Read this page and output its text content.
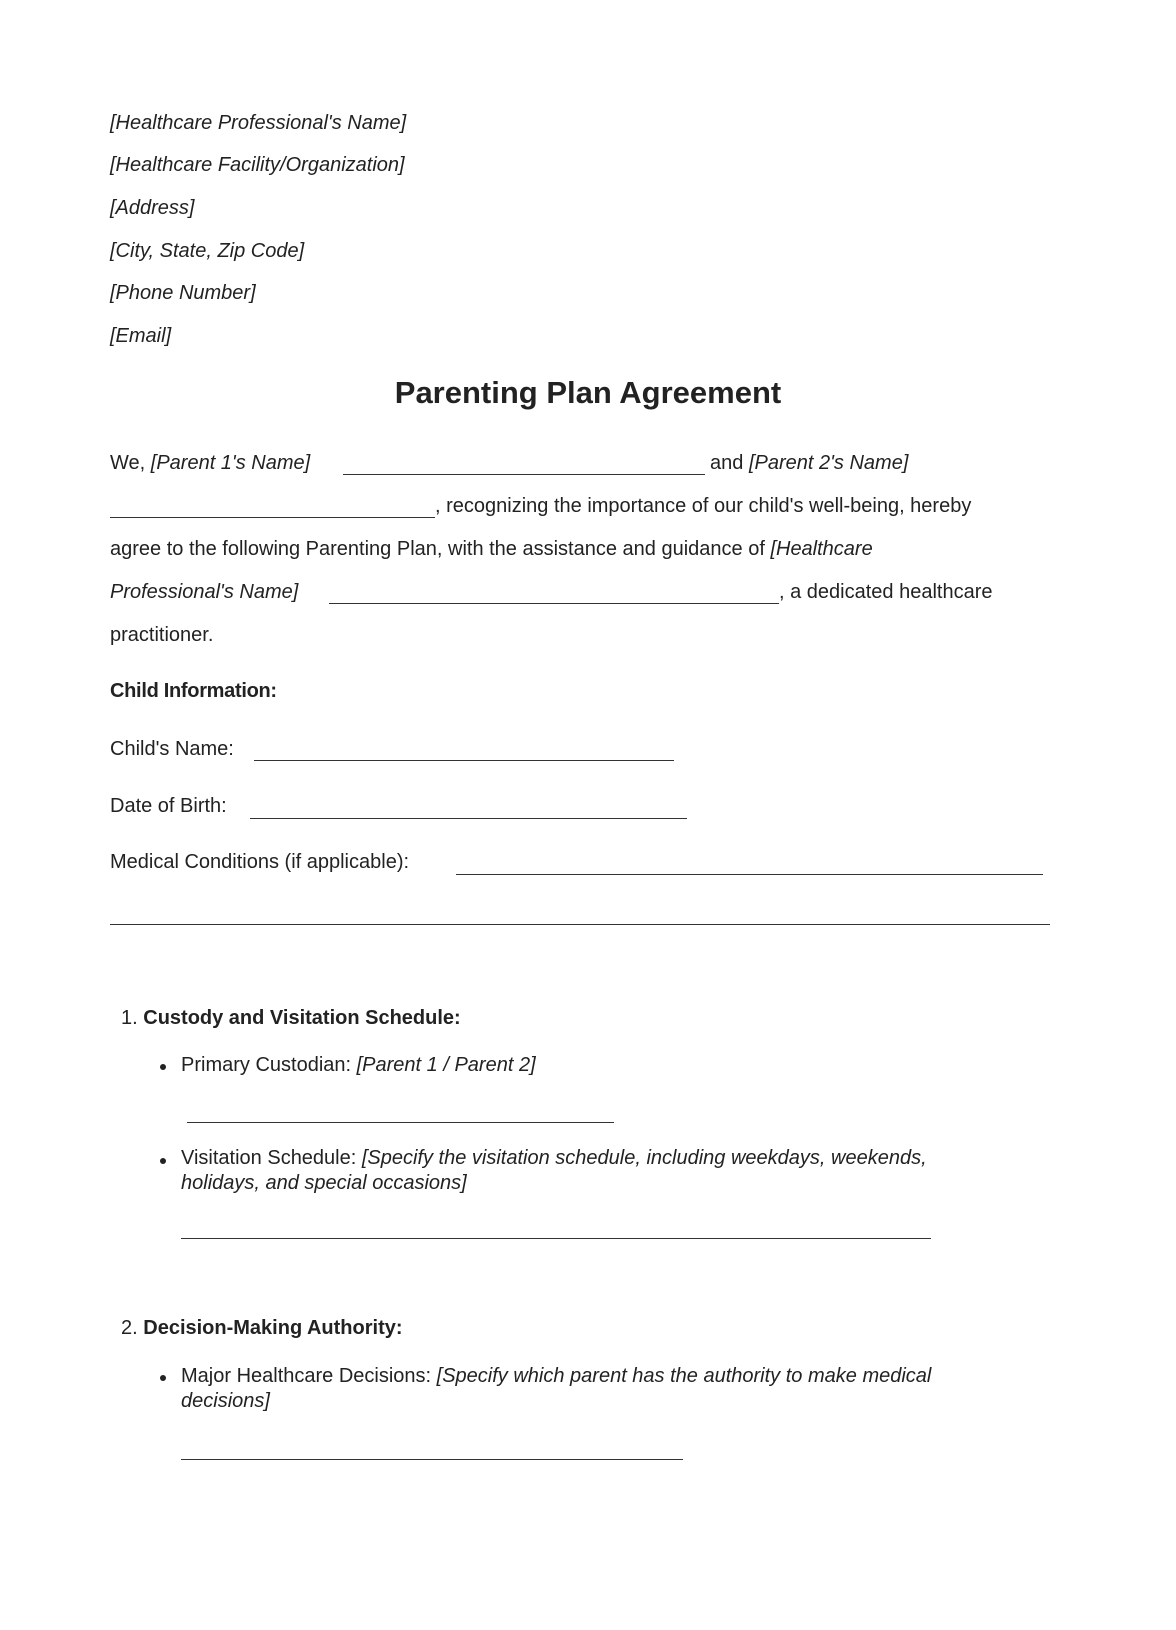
[Healthcare Professional's Name]
[Healthcare Facility/Organization]
[Address]
[City, State, Zip Code]
[Phone Number]
[Email]
Parenting Plan Agreement
We, [Parent 1's Name]	and [Parent 2's Name]
, recognizing the importance of our child's well-being, hereby
agree to the following Parenting Plan, with the assistance and guidance of [Healthcare
Professional's Name]	, a dedicated healthcare
practitioner.
Child Information:
Child's Name:
Date of Birth:
Medical Conditions (if applicable):
1. Custody and Visitation Schedule:
Primary Custodian: [Parent 1 / Parent 2]
Visitation Schedule: [Specify the visitation schedule, including weekdays, weekends,
holidays, and special occasions]
2. Decision-Making Authority:
Major Healthcare Decisions: [Specify which parent has the authority to make medical
decisions]
